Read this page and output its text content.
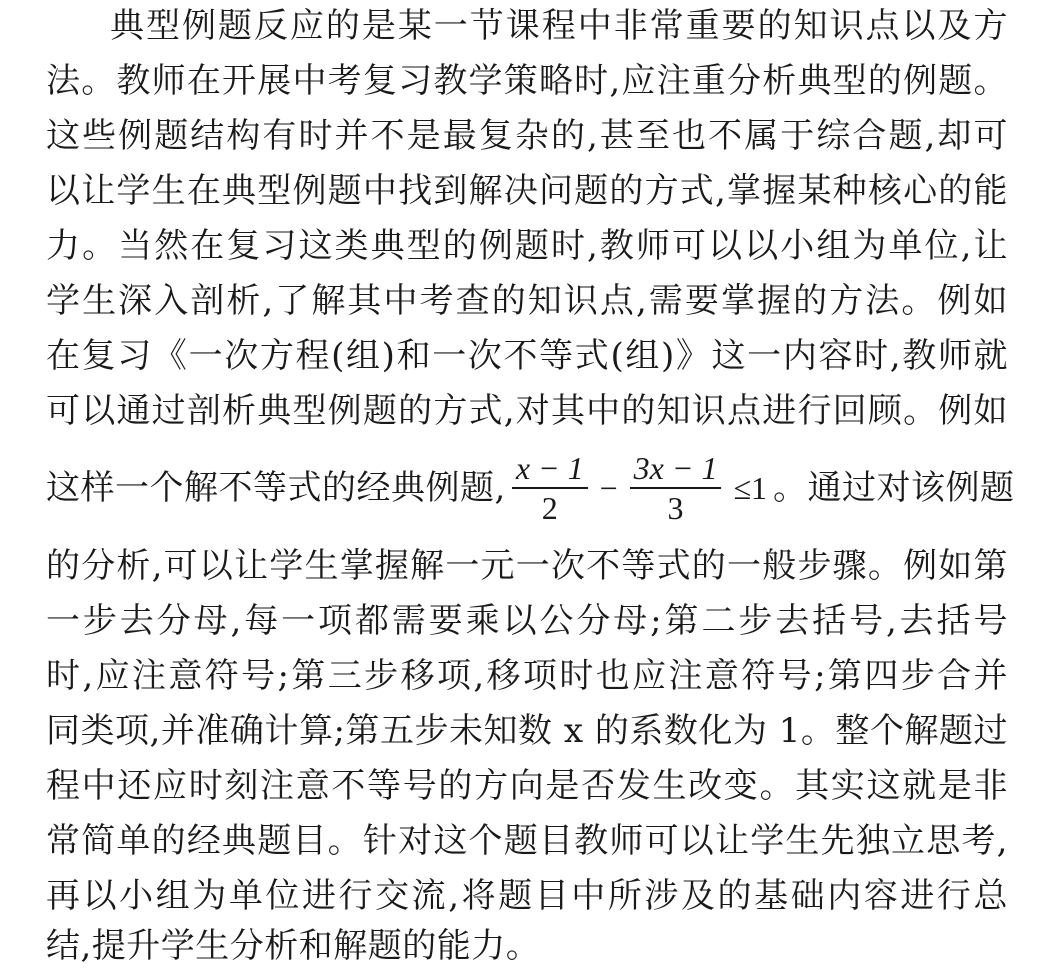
典型例题反应的是某一节课程中非常重要的知识点以及方
法。教师在开展中考复习教学策略时,应注重分析典型的例题。
这些例题结构有时并不是最复杂的,甚至也不属于综合题,却可
以让学生在典型例题中找到解决问题的方式,掌握某种核心的能
力。当然在复习这类典型的例题时,教师可以以小组为单位,让
学生深入剖析,了解其中考查的知识点,需要掌握的方法。例如
在复习《一次方程(组)和一次不等式(组)》这一内容时,教师就
可以通过剖析典型例题的方式,对其中的知识点进行回顾。例如
这样一个解不等式的经典例题, $\frac{x - 1}{2} - \frac{3x - 1}{3} \le 1$ 。通过对该例题
的分析,可以让学生掌握解一元一次不等式的一般步骤。例如第
一步去分母,每一项都需要乘以公分母;第二步去括号,去括号
时,应注意符号;第三步移项,移项时也应注意符号;第四步合并
同类项,并准确计算;第五步未知数 x 的系数化为 1。整个解题过
程中还应时刻注意不等号的方向是否发生改变。其实这就是非
常简单的经典题目。针对这个题目教师可以让学生先独立思考,
再以小组为单位进行交流,将题目中所涉及的基础内容进行总
结,提升学生分析和解题的能力。
